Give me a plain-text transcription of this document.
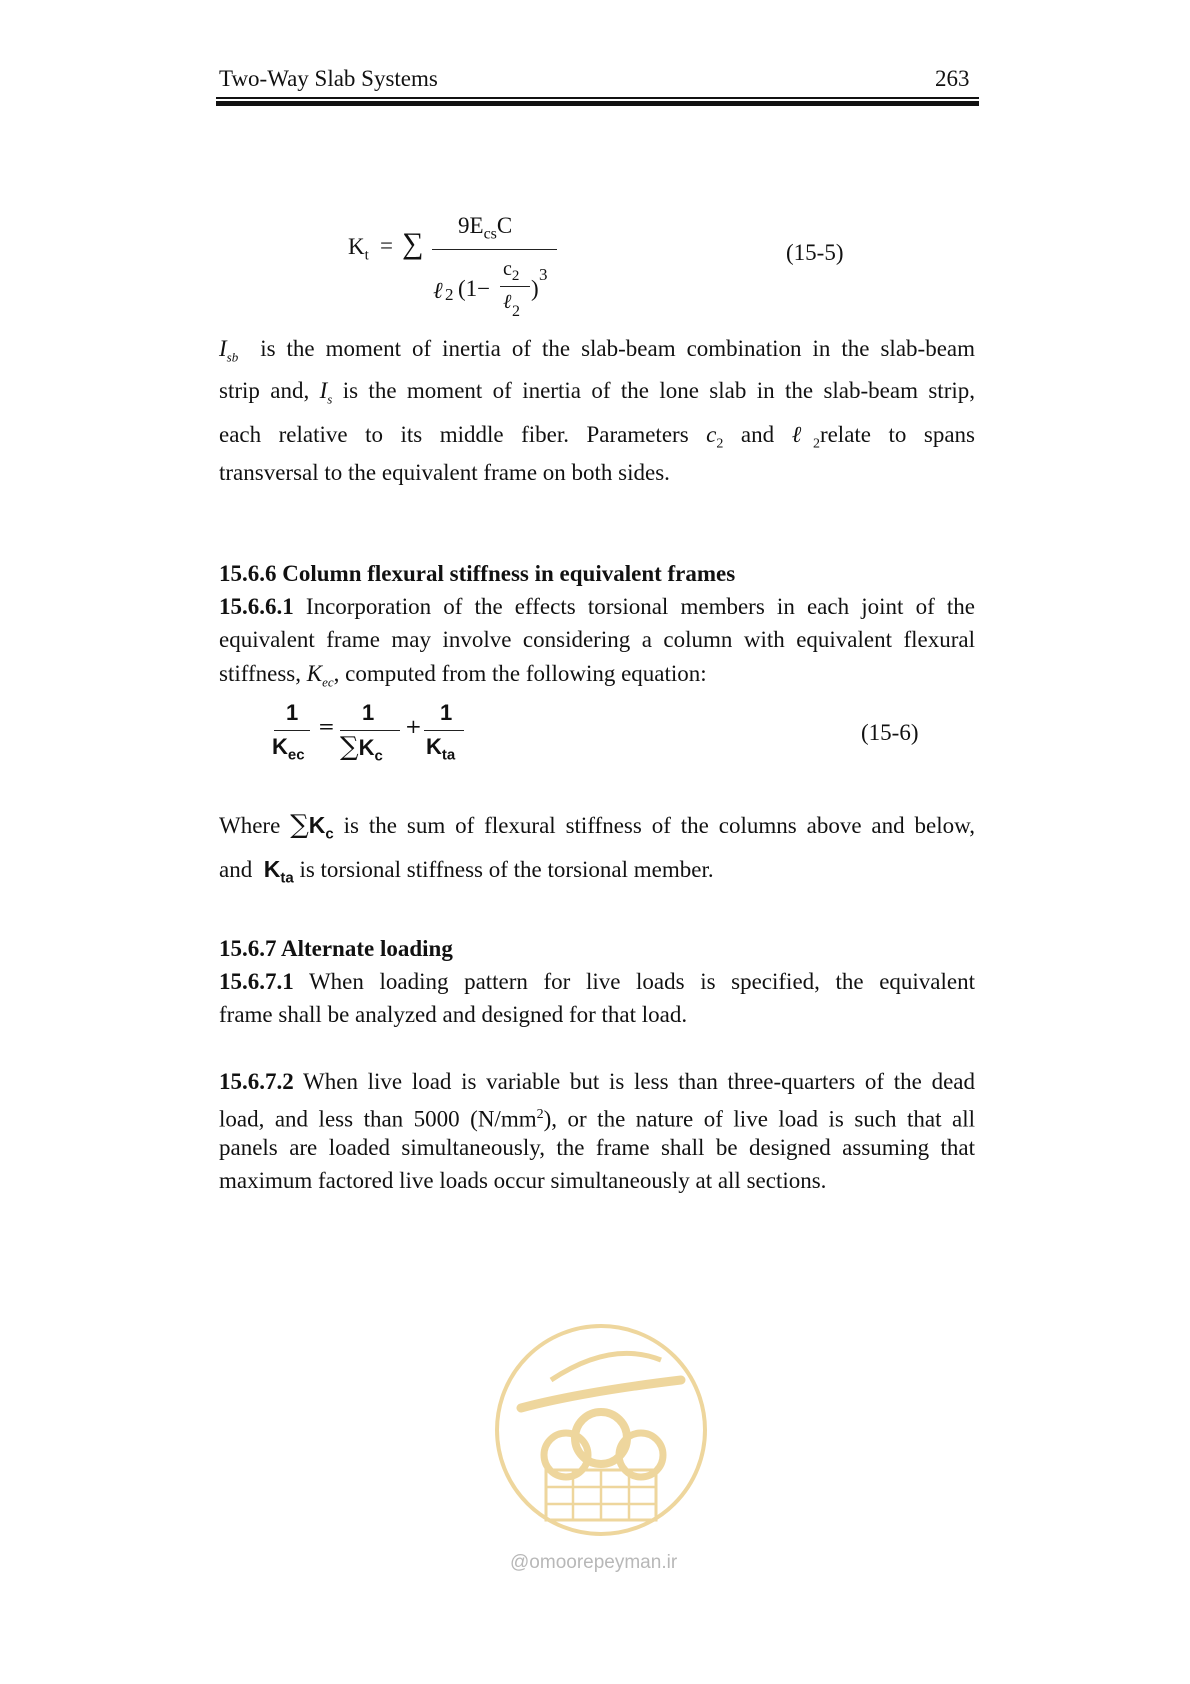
Two-Way Slab Systems	263
$K_t$ = ∑
$9E_{cs}C$
ℓ 2 (1−
$c_2$
ℓ 2
)
3
(15-5)
$I_{sb}$ is the moment of inertia of the slab-beam combination in the slab-beam
strip and, $I_s$ is the moment of inertia of the lone slab in the slab-beam strip,
each relative to its middle fiber. Parameters $c_2$ and ℓ$_2$relate to spans
transversal to the equivalent frame on both sides.
15.6.6 Column flexural stiffness in equivalent frames
15.6.6.1 Incorporation of the effects torsional members in each joint of the
equivalent frame may involve considering a column with equivalent flexural
stiffness, $K_{ec}$, computed from the following equation:
1
$K_{ec}$
=
1
$\sum K_c$
+
1
$K_{ta}$
(15-6)
Where $\sum K_c$ is the sum of flexural stiffness of the columns above and below,
and $K_{ta}$ is torsional stiffness of the torsional member.
15.6.7 Alternate loading
15.6.7.1 When loading pattern for live loads is specified, the equivalent
frame shall be analyzed and designed for that load.
15.6.7.2 When live load is variable but is less than three-quarters of the dead
load, and less than 5000 $(N/mm^2)$, or the nature of live load is such that all
panels are loaded simultaneously, the frame shall be designed assuming that
maximum factored live loads occur simultaneously at all sections.
@omoorepeyman.ir
